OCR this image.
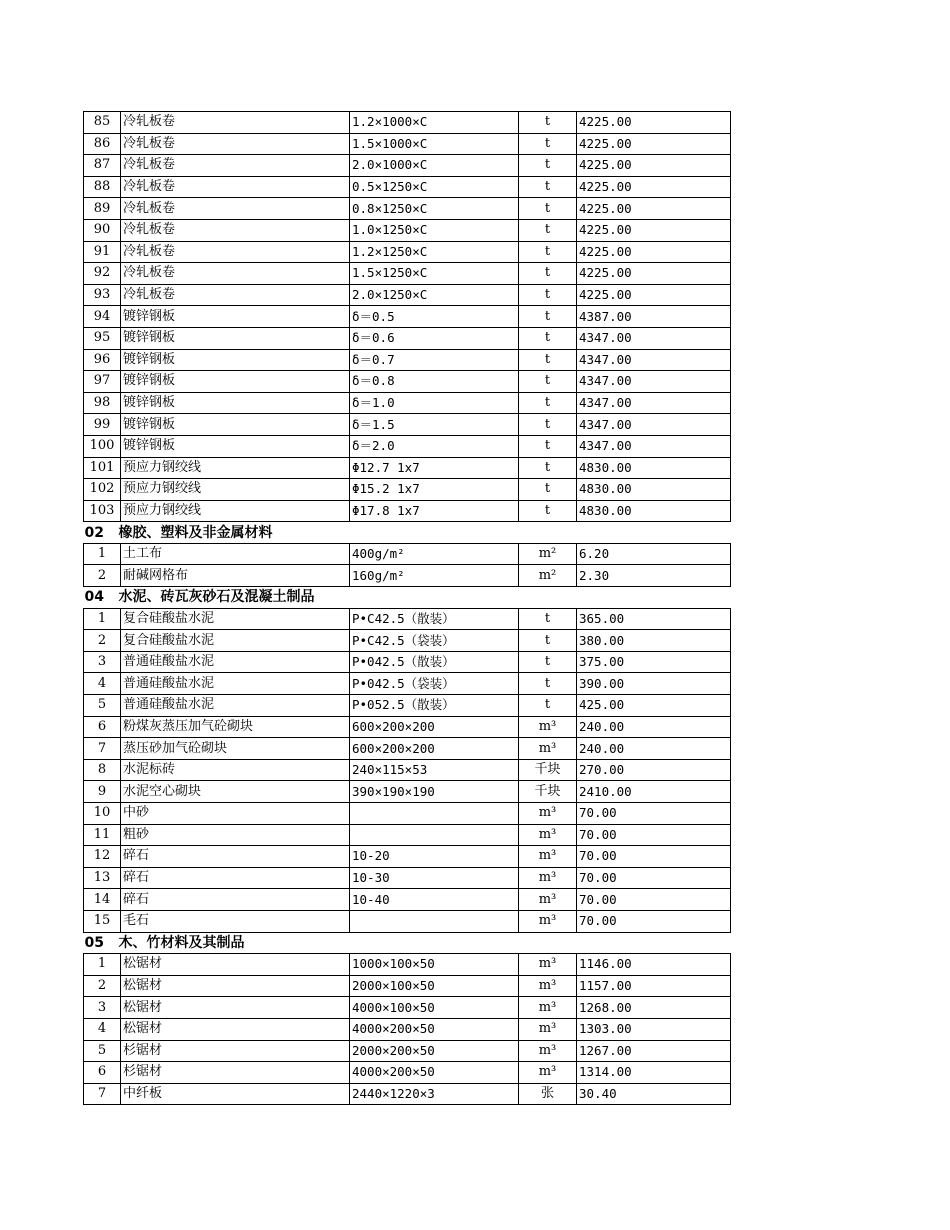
85	冷轧板卷	1.2×1000×C	t	4225.00
86	冷轧板卷	1.5×1000×C	t	4225.00
87	冷轧板卷	2.0×1000×C	t	4225.00
88	冷轧板卷	0.5×1250×C	t	4225.00
89	冷轧板卷	0.8×1250×C	t	4225.00
90	冷轧板卷	1.0×1250×C	t	4225.00
91	冷轧板卷	1.2×1250×C	t	4225.00
92	冷轧板卷	1.5×1250×C	t	4225.00
93	冷轧板卷	2.0×1250×C	t	4225.00
94	镀锌钢板	δ＝0.5	t	4387.00
95	镀锌钢板	δ＝0.6	t	4347.00
96	镀锌钢板	δ＝0.7	t	4347.00
97	镀锌钢板	δ＝0.8	t	4347.00
98	镀锌钢板	δ＝1.0	t	4347.00
99	镀锌钢板	δ＝1.5	t	4347.00
100	镀锌钢板	δ＝2.0	t	4347.00
101	预应力钢绞线	Φ12.7 1x7	t	4830.00
102	预应力钢绞线	Φ15.2 1x7	t	4830.00
103	预应力钢绞线	Φ17.8 1x7	t	4830.00
02 橡胶、塑料及非金属材料				
1	土工布	400g/m²	m²	6.20
2	耐碱网格布	160g/m²	m²	2.30
04 水泥、砖瓦灰砂石及混凝土制品				
1	复合硅酸盐水泥	P•C42.5（散装）	t	365.00
2	复合硅酸盐水泥	P•C42.5（袋装）	t	380.00
3	普通硅酸盐水泥	P•042.5（散装）	t	375.00
4	普通硅酸盐水泥	P•042.5（袋装）	t	390.00
5	普通硅酸盐水泥	P•052.5（散装）	t	425.00
6	粉煤灰蒸压加气砼砌块	600×200×200	m³	240.00
7	蒸压砂加气砼砌块	600×200×200	m³	240.00
8	水泥标砖	240×115×53	千块	270.00
9	水泥空心砌块	390×190×190	千块	2410.00
10	中砂		m³	70.00
11	粗砂		m³	70.00
12	碎石	10-20	m³	70.00
13	碎石	10-30	m³	70.00
14	碎石	10-40	m³	70.00
15	毛石		m³	70.00
05 木、竹材料及其制品				
1	松锯材	1000×100×50	m³	1146.00
2	松锯材	2000×100×50	m³	1157.00
3	松锯材	4000×100×50	m³	1268.00
4	松锯材	4000×200×50	m³	1303.00
5	杉锯材	2000×200×50	m³	1267.00
6	杉锯材	4000×200×50	m³	1314.00
7	中纤板	2440×1220×3	张	30.40
